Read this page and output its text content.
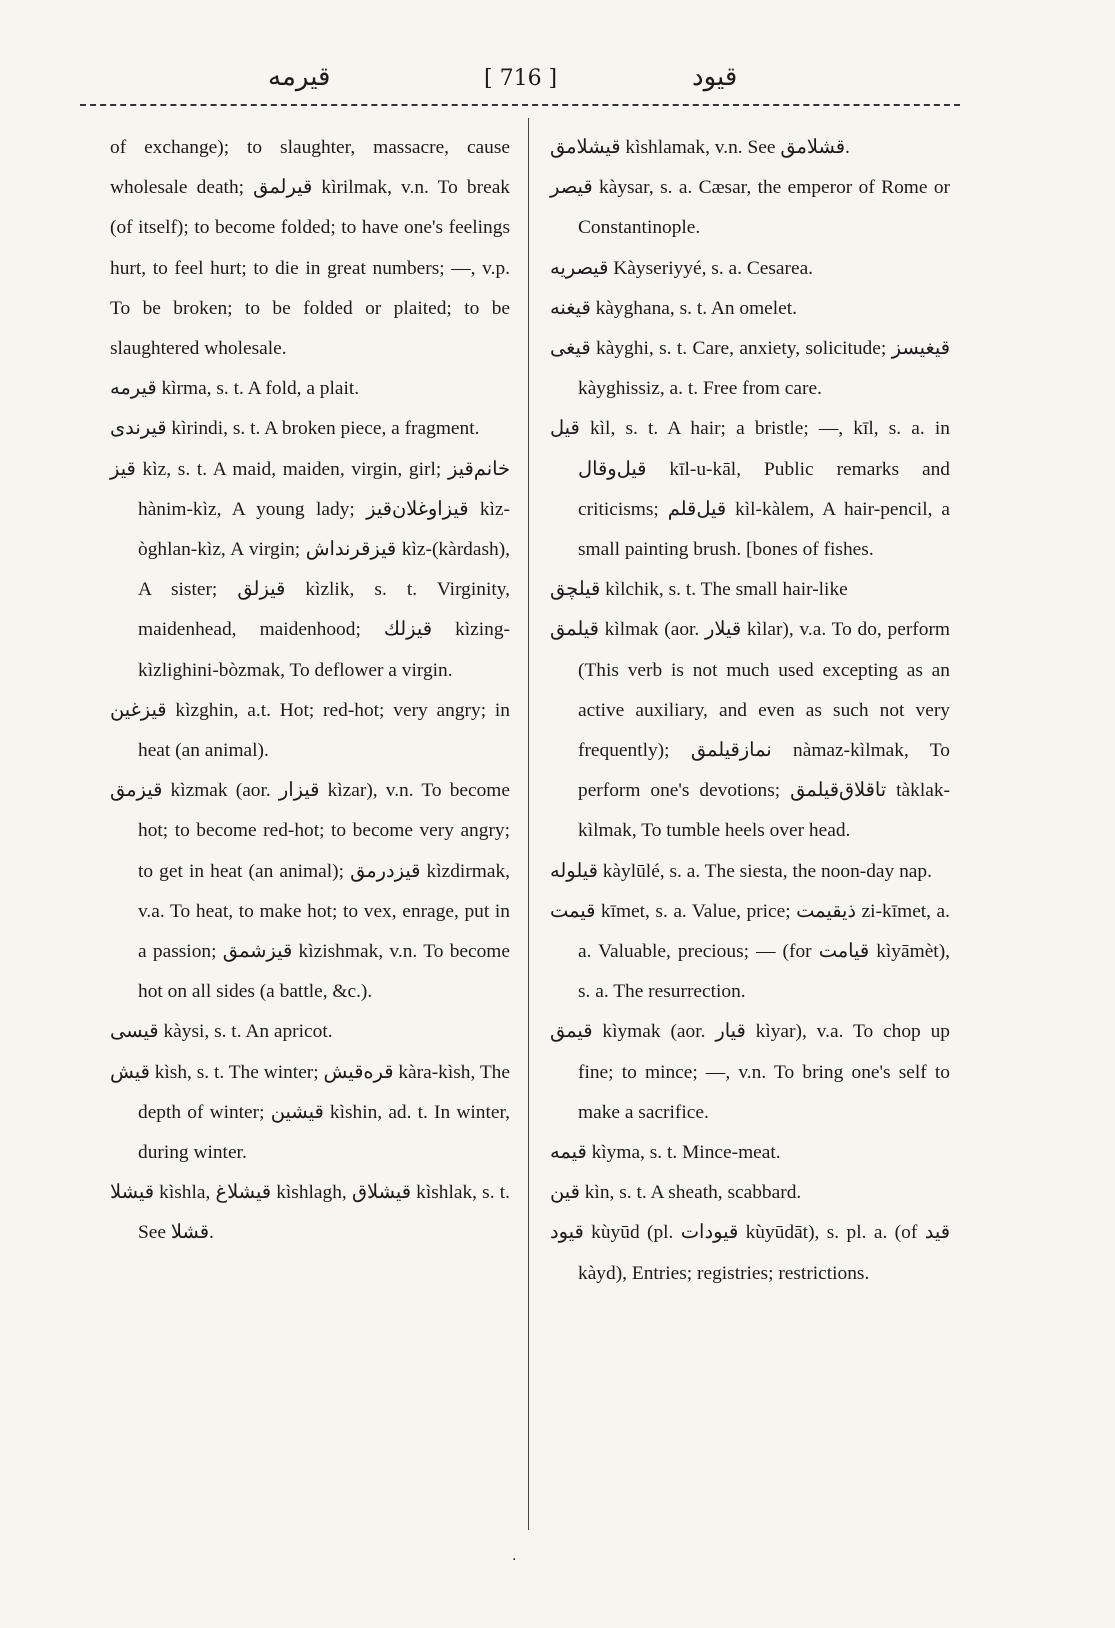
قیرمه	[ 716 ]	قیود

of exchange); to slaughter, massacre, cause wholesale death; قیرلمق kìrilmak, v.n. To break (of itself); to become folded; to have one's feelings hurt, to feel hurt; to die in great numbers; —, v.p. To be broken; to be folded or plaited; to be slaughtered wholesale.

قیرمه kìrma, s. t. A fold, a plait.

قیرندی kìrindi, s. t. A broken piece, a fragment.

قیز kìz, s. t. A maid, maiden, virgin, girl; خانم‌قیز hànim-kìz, A young lady; قیزاوغلان‌قیز kìz-òghlan-kìz, A virgin; قیزقرنداش kìz-(kàrdash), A sister; قیزلق kìzlik, s. t. Virginity, maidenhead, maidenhood; قیزلك kìzing-kìzlighini-bòzmak, To deflower a virgin.

قیزغین kìzghin, a.t. Hot; red-hot; very angry; in heat (an animal).

قیزمق kìzmak (aor. قیزار kìzar), v.n. To become hot; to become red-hot; to become very angry; to get in heat (an animal); قیزدرمق kìzdirmak, v.a. To heat, to make hot; to vex, enrage, put in a passion; قیزشمق kìzishmak, v.n. To become hot on all sides (a battle, &c.).

قیسی kàysi, s. t. An apricot.

قیش kìsh, s. t. The winter; قره‌قیش kàra-kìsh, The depth of winter; قیشین kìshin, ad. t. In winter, during winter.

قیشلا kìshla, قیشلاغ kìshlagh, قیشلاق kìshlak, s. t. See قشلا.

قیشلامق kìshlamak, v.n. See قشلامق.

قیصر kàysar, s. a. Cæsar, the emperor of Rome or Constantinople.

قیصریه Kàyseriyyé, s. a. Cesarea.

قیغنه kàyghana, s. t. An omelet.

قیغی kàyghi, s. t. Care, anxiety, solicitude; قیغیسز kàyghissiz, a. t. Free from care.

قیل kìl, s. t. A hair; a bristle; —, kīl, s. a. in قیل‌وقال kīl-u-kāl, Public remarks and criticisms; قیل‌قلم kìl-kàlem, A hair-pencil, a small painting brush. [bones of fishes.

قیلچق kìlchik, s. t. The small hair-like

قیلمق kìlmak (aor. قیلار kìlar), v.a. To do, perform (This verb is not much used excepting as an active auxiliary, and even as such not very frequently); نمازقیلمق nàmaz-kìlmak, To perform one's devotions; تاقلاق‌قیلمق tàklak-kìlmak, To tumble heels over head.

قیلوله kàylūlé, s. a. The siesta, the noon-day nap.

قیمت kīmet, s. a. Value, price; ذیقیمت zi-kīmet, a. a. Valuable, precious; — (for قیامت kìyāmèt), s. a. The resurrection.

قیمق kìymak (aor. قیار kìyar), v.a. To chop up fine; to mince; —, v.n. To bring one's self to make a sacrifice.

قیمه kìyma, s. t. Mince-meat.

قین kìn, s. t. A sheath, scabbard.

قیود kùyūd (pl. قیودات kùyūdāt), s. pl. a. (of قید kàyd), Entries; registries; restrictions.

·
